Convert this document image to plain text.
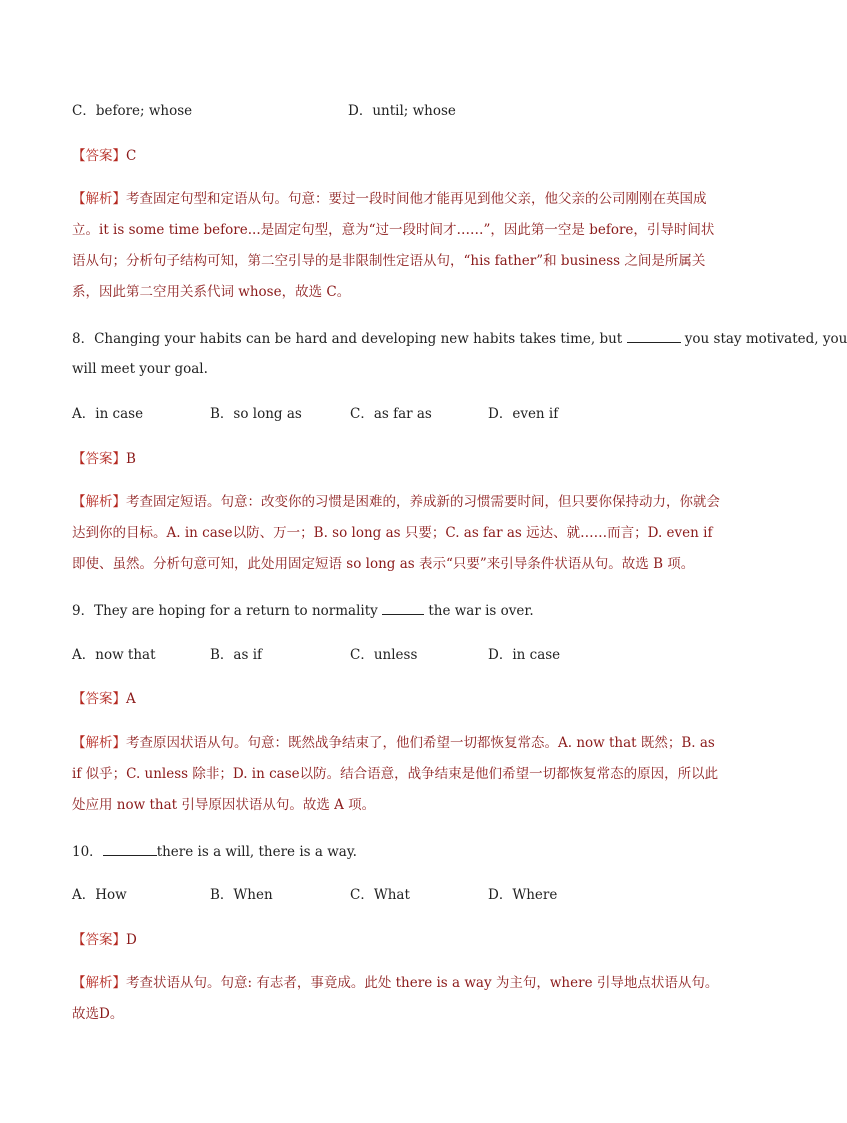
C．before; whose	D．until; whose
【答案】C
【解析】考查固定句型和定语从句。句意：要过一段时间他才能再见到他父亲，他父亲的公司刚刚在英国成立。it is some time before...是固定句型，意为“过一段时间才……”，因此第一空是 before，引导时间状语从句；分析句子结构可知，第二空引导的是非限制性定语从句，“his father”和 business 之间是所属关系，因此第二空用关系代词 whose，故选 C。
8．Changing your habits can be hard and developing new habits takes time, but	you stay motivated, you
will meet your goal.
A．in case	B．so long as	C．as far as	D．even if
【答案】B
【解析】考查固定短语。句意：改变你的习惯是困难的，养成新的习惯需要时间，但只要你保持动力，你就会达到你的目标。A. in case以防、万一；B. so long as 只要；C. as far as 远达、就……而言；D. even if 即使、虽然。分析句意可知，此处用固定短语 so long as 表示“只要”来引导条件状语从句。故选 B 项。
9．They are hoping for a return to normality	the war is over.
A．now that	B．as if	C．unless	D．in case
【答案】A
【解析】考查原因状语从句。句意：既然战争结束了，他们希望一切都恢复常态。A. now that 既然；B. as if 似乎；C. unless 除非；D. in case以防。结合语意，战争结束是他们希望一切都恢复常态的原因，所以此处应用 now that 引导原因状语从句。故选 A 项。
10．	there is a will, there is a way.
A．How	B．When	C．What	D．Where
【答案】D
【解析】考查状语从句。句意: 有志者，事竟成。此处 there is a way 为主句，where 引导地点状语从句。故选D。
